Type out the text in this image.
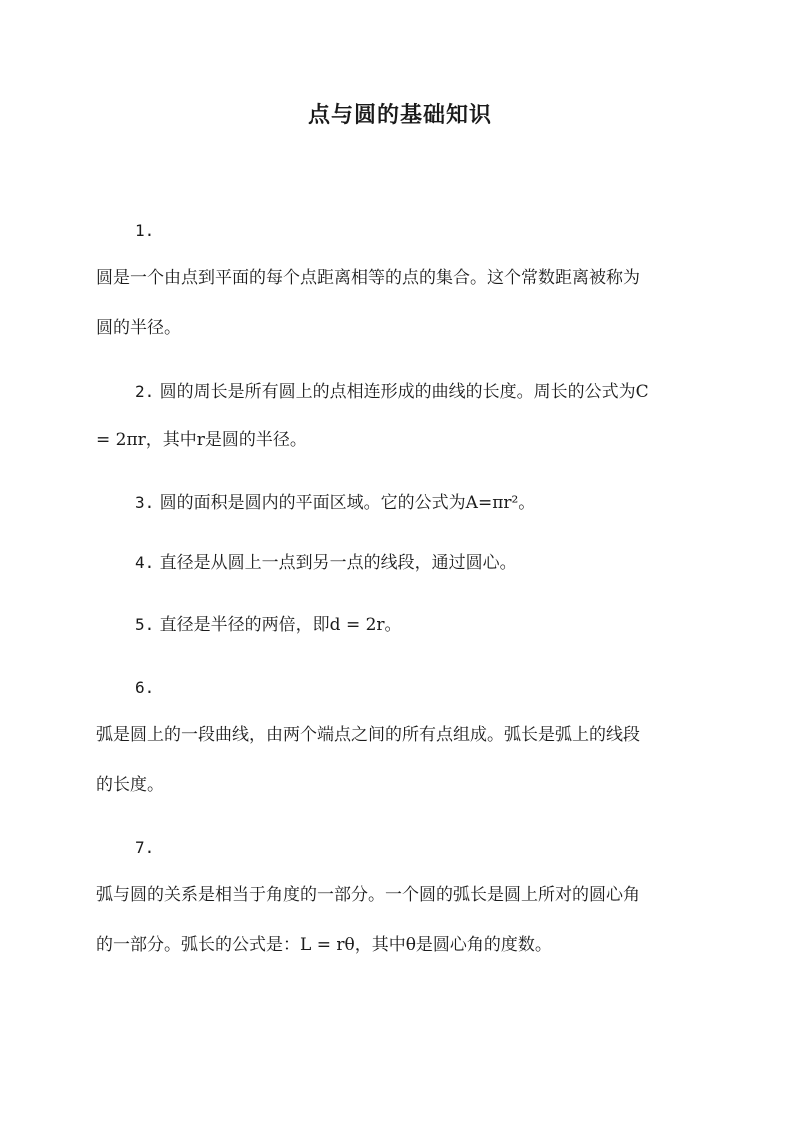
点与圆的基础知识
1.
圆是一个由点到平面的每个点距离相等的点的集合。这个常数距离被称为
圆的半径。
2. 圆的周长是所有圆上的点相连形成的曲线的长度。周长的公式为C
= 2πr，其中r是圆的半径。
3. 圆的面积是圆内的平面区域。它的公式为A=πr²。
4. 直径是从圆上一点到另一点的线段，通过圆心。
5. 直径是半径的两倍，即d = 2r。
6.
弧是圆上的一段曲线，由两个端点之间的所有点组成。弧长是弧上的线段
的长度。
7.
弧与圆的关系是相当于角度的一部分。一个圆的弧长是圆上所对的圆心角
的一部分。弧长的公式是：L = rθ，其中θ是圆心角的度数。
